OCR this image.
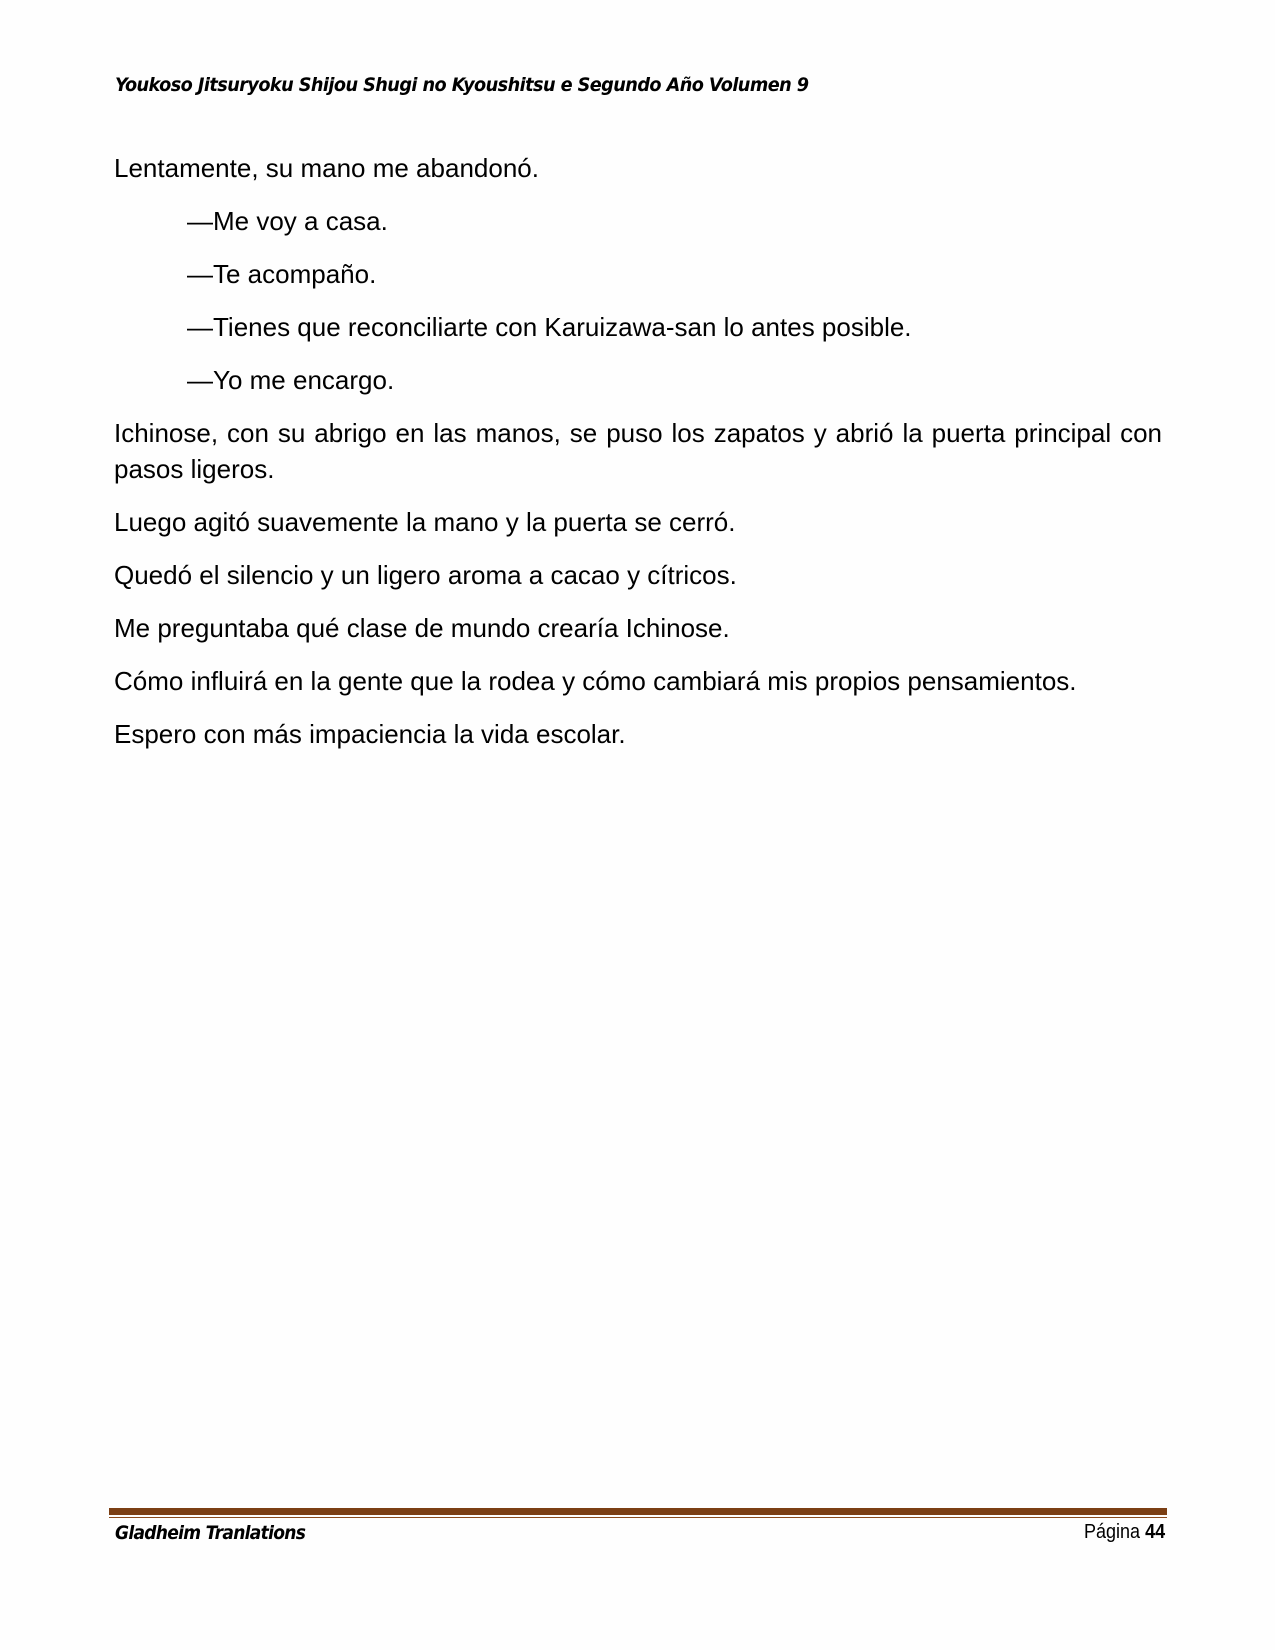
Youkoso Jitsuryoku Shijou Shugi no Kyoushitsu e Segundo Año Volumen 9

Lentamente, su mano me abandonó.

—Me voy a casa.

—Te acompaño.

—Tienes que reconciliarte con Karuizawa-san lo antes posible.

—Yo me encargo.

Ichinose, con su abrigo en las manos, se puso los zapatos y abrió la puerta principal con pasos ligeros.

Luego agitó suavemente la mano y la puerta se cerró.

Quedó el silencio y un ligero aroma a cacao y cítricos.

Me preguntaba qué clase de mundo crearía Ichinose.

Cómo influirá en la gente que la rodea y cómo cambiará mis propios pensamientos.

Espero con más impaciencia la vida escolar.

Gladheim Tranlations	Página 44
